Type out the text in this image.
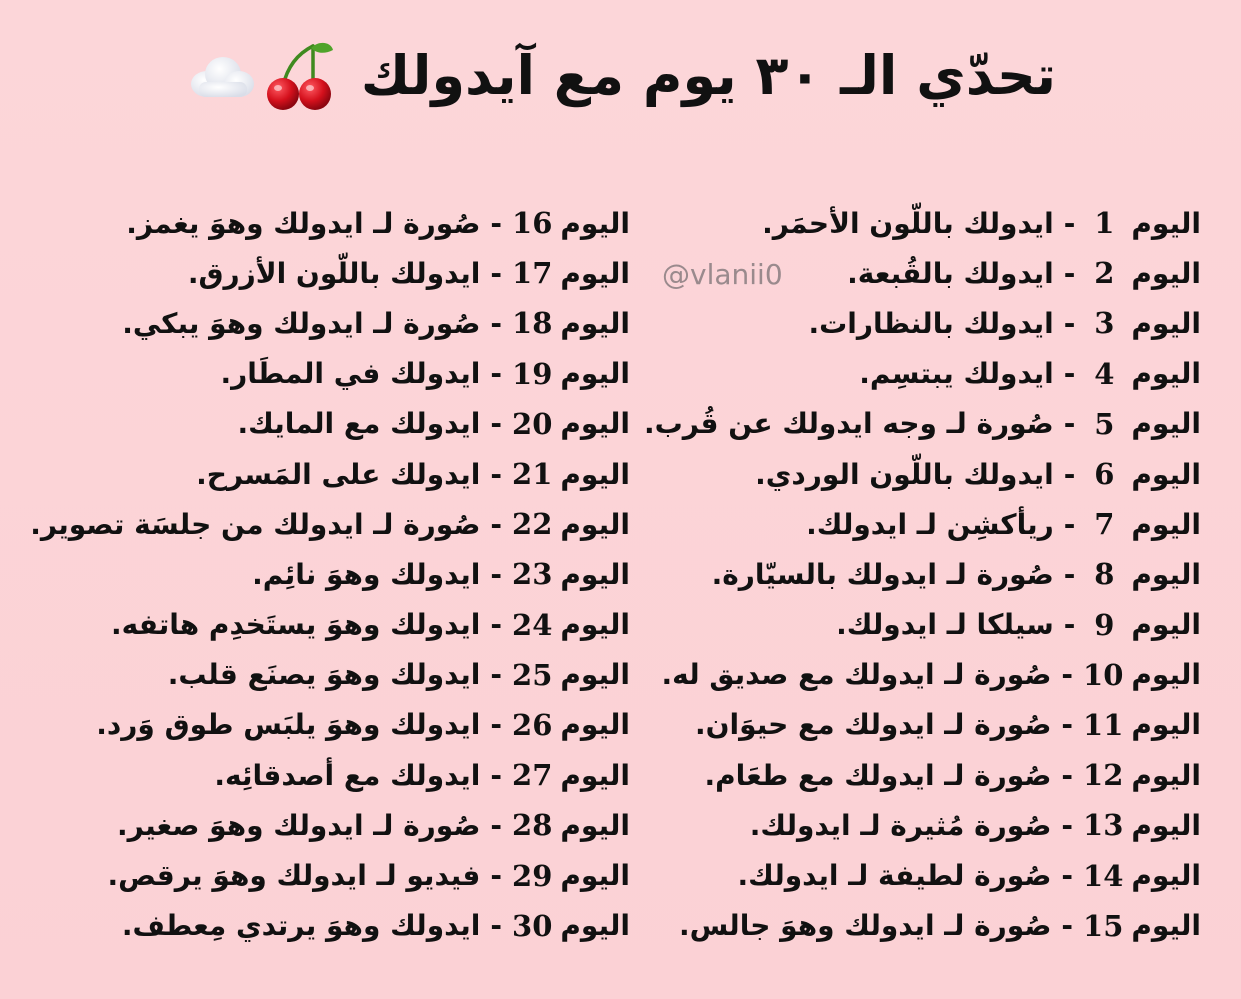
تحدّي الـ ٣٠ يوم مع آيدولك
@vlanii0
اليوم
1
-
ايدولك باللّون الأحمَر.
اليوم
2
-
ايدولك بالقُبعة.
اليوم
3
-
ايدولك بالنظارات.
اليوم
4
-
ايدولك يبتسِم.
اليوم
5
-
صُورة لـ وجه ايدولك عن قُرب.
اليوم
6
-
ايدولك باللّون الوردي.
اليوم
7
-
ريأكشِن لـ ايدولك.
اليوم
8
-
صُورة لـ ايدولك بالسيّارة.
اليوم
9
-
سيلكا لـ ايدولك.
اليوم
10
-
صُورة لـ ايدولك مع صديق له.
اليوم
11
-
صُورة لـ ايدولك مع حيوَان.
اليوم
12
-
صُورة لـ ايدولك مع طعَام.
اليوم
13
-
صُورة مُثيرة لـ ايدولك.
اليوم
14
-
صُورة لطيفة لـ ايدولك.
اليوم
15
-
صُورة لـ ايدولك وهوَ جالس.
اليوم
16
-
صُورة لـ ايدولك وهوَ يغمز.
اليوم
17
-
ايدولك باللّون الأزرق.
اليوم
18
-
صُورة لـ ايدولك وهوَ يبكي.
اليوم
19
-
ايدولك في المطَار.
اليوم
20
-
ايدولك مع المايك.
اليوم
21
-
ايدولك على المَسرح.
اليوم
22
-
صُورة لـ ايدولك من جلسَة تصوير.
اليوم
23
-
ايدولك وهوَ نائِم.
اليوم
24
-
ايدولك وهوَ يستَخدِم هاتفه.
اليوم
25
-
ايدولك وهوَ يصنَع قلب.
اليوم
26
-
ايدولك وهوَ يلبَس طوق وَرد.
اليوم
27
-
ايدولك مع أصدقائِه.
اليوم
28
-
صُورة لـ ايدولك وهوَ صغير.
اليوم
29
-
فيديو لـ ايدولك وهوَ يرقص.
اليوم
30
-
ايدولك وهوَ يرتدي مِعطف.
